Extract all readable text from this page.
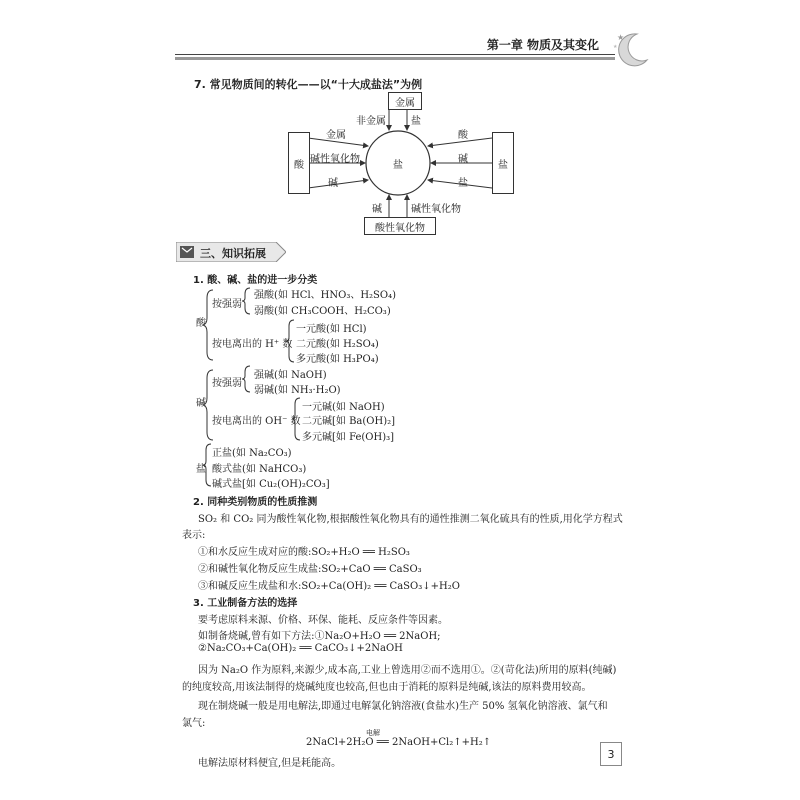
第一章 物质及其变化
★
★
7. 常见物质间的转化——以“十大成盐法”为例
金属
酸性氧化物
酸	盐
盐
非金属	盐
金属
碱性氧化物
碱
酸
碱
盐
碱	碱性氧化物
三、知识拓展
1. 酸、碱、盐的进一步分类
酸
按强弱
强酸(如 HCl、HNO₃、H₂SO₄)
弱酸(如 CH₃COOH、H₂CO₃)
按电离出的 H⁺ 数
一元酸(如 HCl)
二元酸(如 H₂SO₄)
多元酸(如 H₃PO₄)
碱
按强弱
强碱(如 NaOH)
弱碱(如 NH₃·H₂O)
按电离出的 OH⁻ 数
一元碱(如 NaOH)
二元碱[如 Ba(OH)₂]
多元碱[如 Fe(OH)₃]
盐
正盐(如 Na₂CO₃)
酸式盐(如 NaHCO₃)
碱式盐[如 Cu₂(OH)₂CO₃]
2. 同种类别物质的性质推测
SO₂ 和 CO₂ 同为酸性氧化物,根据酸性氧化物具有的通性推测二氧化硫具有的性质,用化学方程式
表示:
①和水反应生成对应的酸:SO₂+H₂O ══ H₂SO₃
②和碱性氧化物反应生成盐:SO₂+CaO ══ CaSO₃
③和碱反应生成盐和水:SO₂+Ca(OH)₂ ══ CaSO₃↓+H₂O
3. 工业制备方法的选择
要考虑原料来源、价格、环保、能耗、反应条件等因素。
如制备烧碱,曾有如下方法:①Na₂O+H₂O ══ 2NaOH;
②Na₂CO₃+Ca(OH)₂ ══ CaCO₃↓+2NaOH
因为 Na₂O 作为原料,来源少,成本高,工业上曾选用②而不选用①。②(苛化法)所用的原料(纯碱)
的纯度较高,用该法制得的烧碱纯度也较高,但也由于消耗的原料是纯碱,该法的原料费用较高。
现在制烧碱一般是用电解法,即通过电解氯化钠溶液(食盐水)生产 50% 氢氧化钠溶液、氯气和
氯气:
电解
2NaCl+2H₂O ══ 2NaOH+Cl₂↑+H₂↑
电解法原材料便宜,但是耗能高。
3
